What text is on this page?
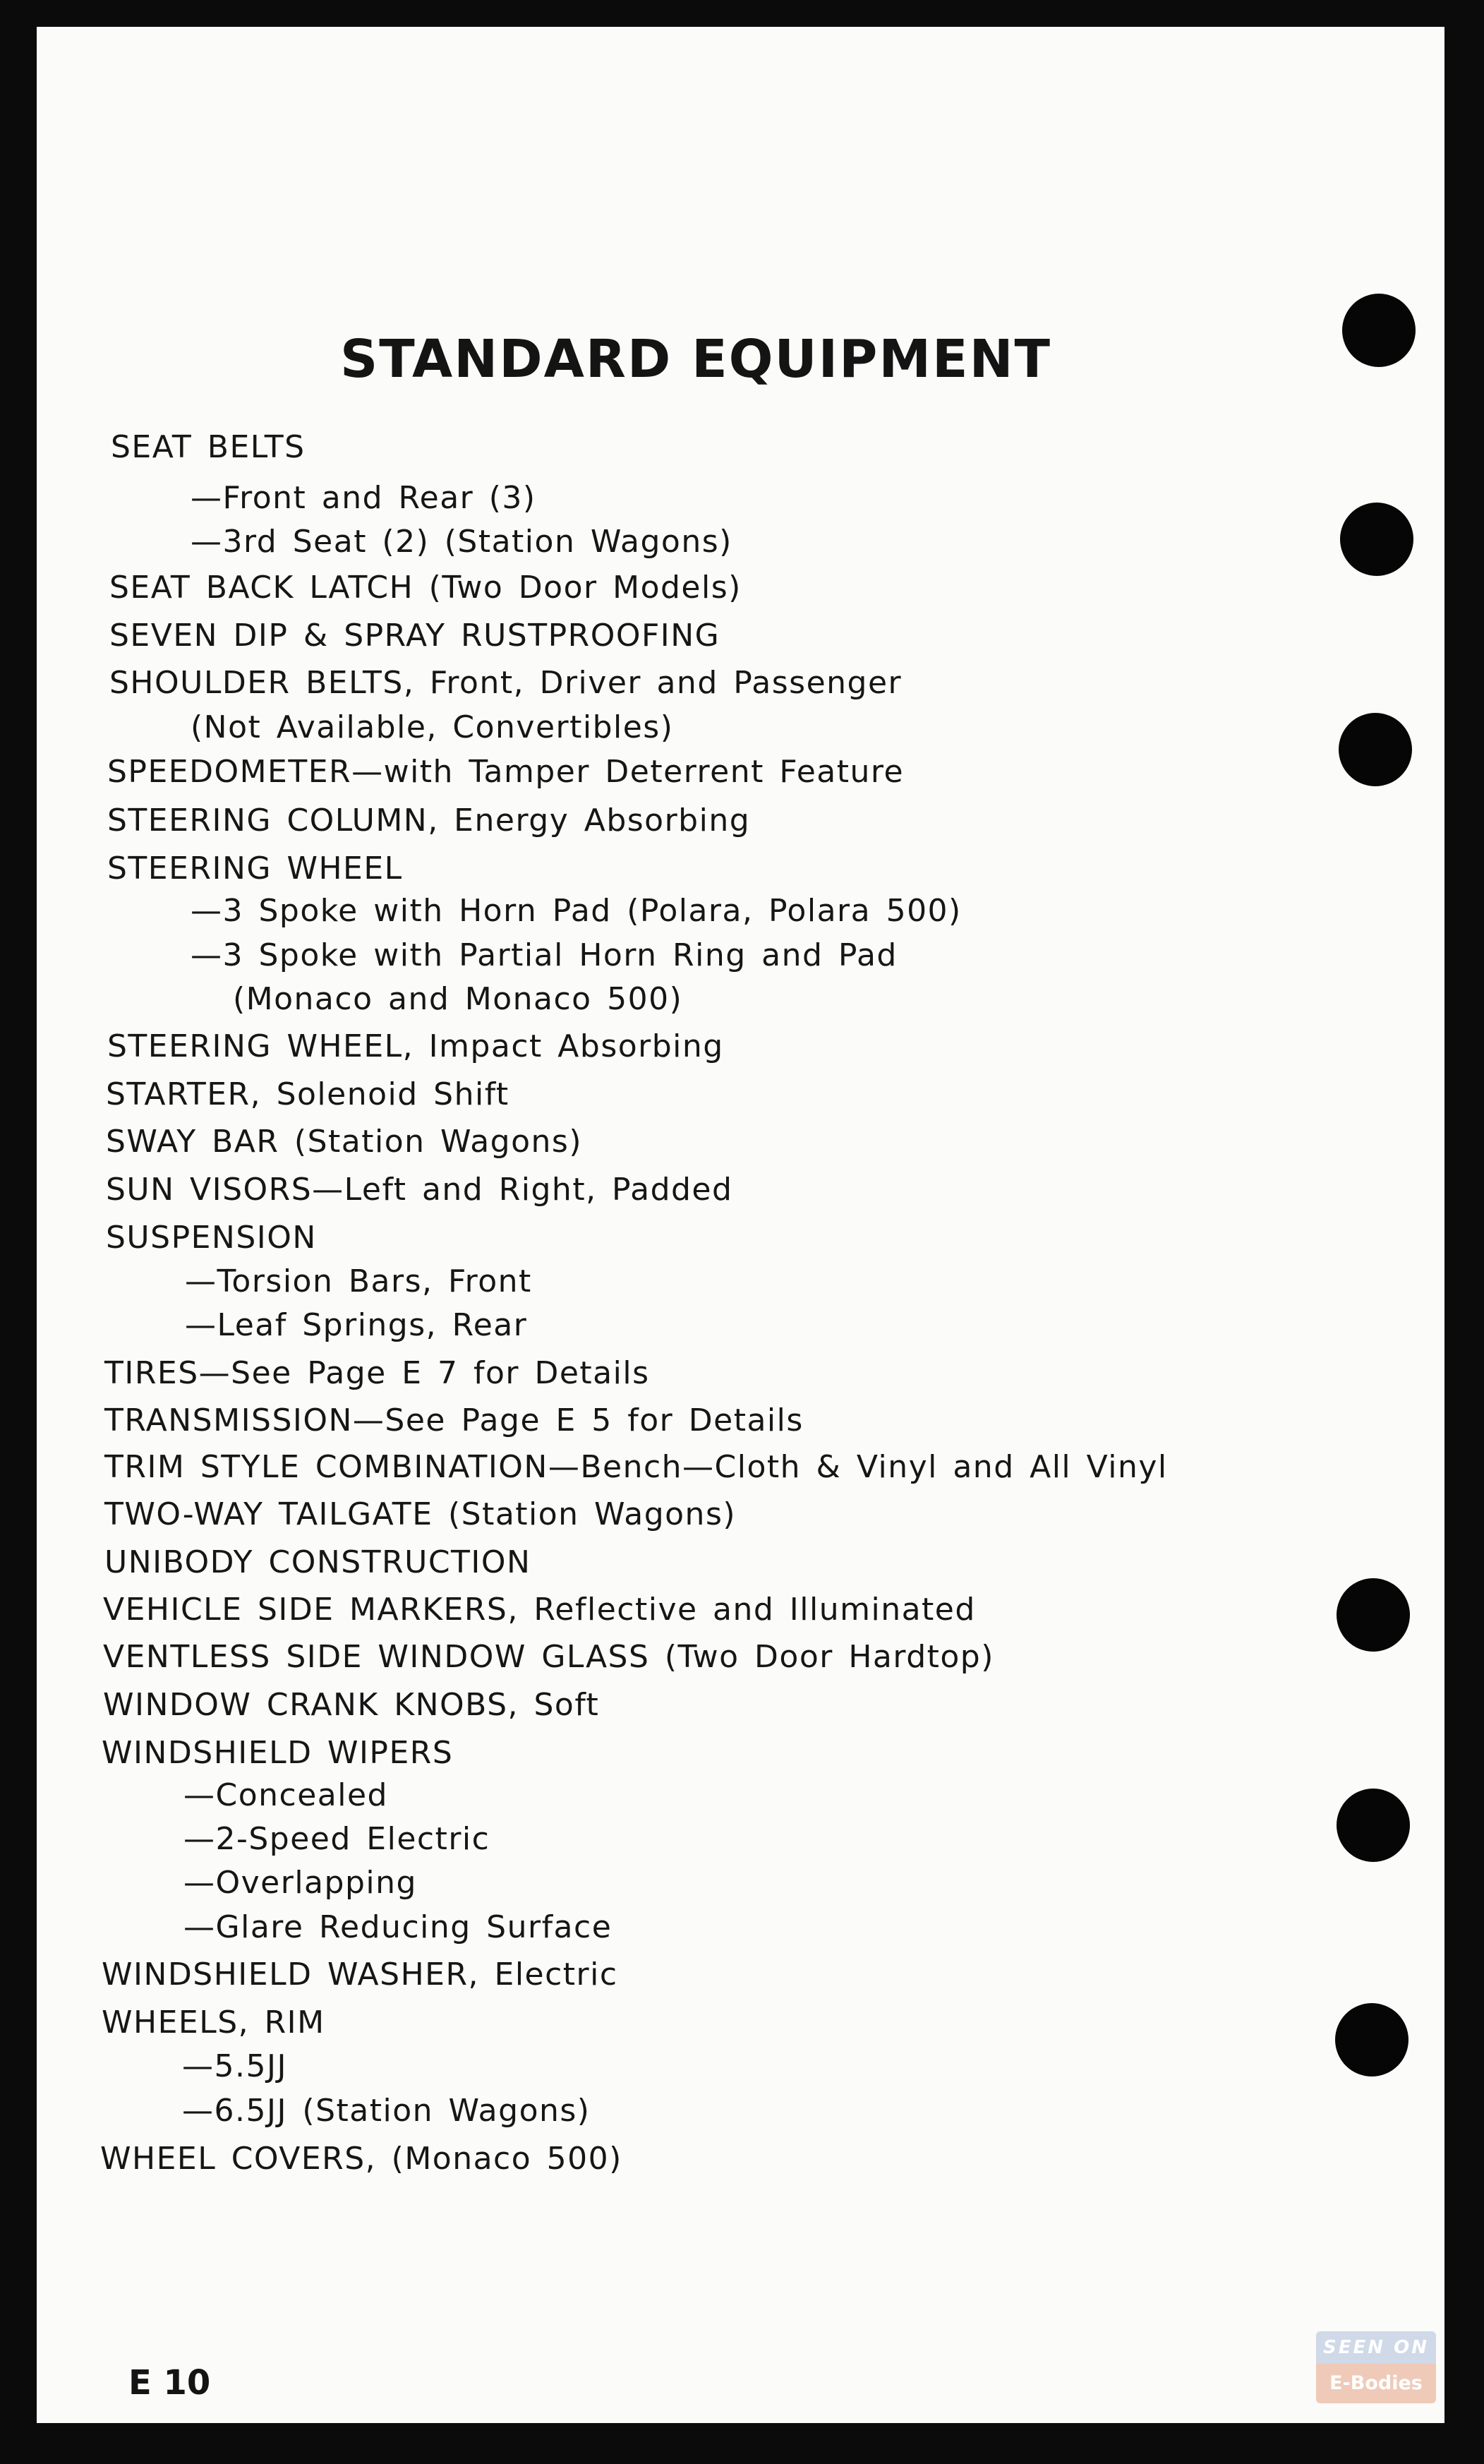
STANDARD EQUIPMENT
SEAT BELTS
—Front and Rear (3)
—3rd Seat (2) (Station Wagons)
SEAT BACK LATCH (Two Door Models)
SEVEN DIP & SPRAY RUSTPROOFING
SHOULDER BELTS, Front, Driver and Passenger
(Not Available, Convertibles)
SPEEDOMETER—with Tamper Deterrent Feature
STEERING COLUMN, Energy Absorbing
STEERING WHEEL
—3 Spoke with Horn Pad (Polara, Polara 500)
—3 Spoke with Partial Horn Ring and Pad
(Monaco and Monaco 500)
STEERING WHEEL, Impact Absorbing
STARTER, Solenoid Shift
SWAY BAR (Station Wagons)
SUN VISORS—Left and Right, Padded
SUSPENSION
—Torsion Bars, Front
—Leaf Springs, Rear
TIRES—See Page E 7 for Details
TRANSMISSION—See Page E 5 for Details
TRIM STYLE COMBINATION—Bench—Cloth & Vinyl and All Vinyl
TWO-WAY TAILGATE (Station Wagons)
UNIBODY CONSTRUCTION
VEHICLE SIDE MARKERS, Reflective and Illuminated
VENTLESS SIDE WINDOW GLASS (Two Door Hardtop)
WINDOW CRANK KNOBS, Soft
WINDSHIELD WIPERS
—Concealed
—2-Speed Electric
—Overlapping
—Glare Reducing Surface
WINDSHIELD WASHER, Electric
WHEELS, RIM
—5.5JJ
—6.5JJ (Station Wagons)
WHEEL COVERS, (Monaco 500)
E 10
SEEN ON
E-Bodies
